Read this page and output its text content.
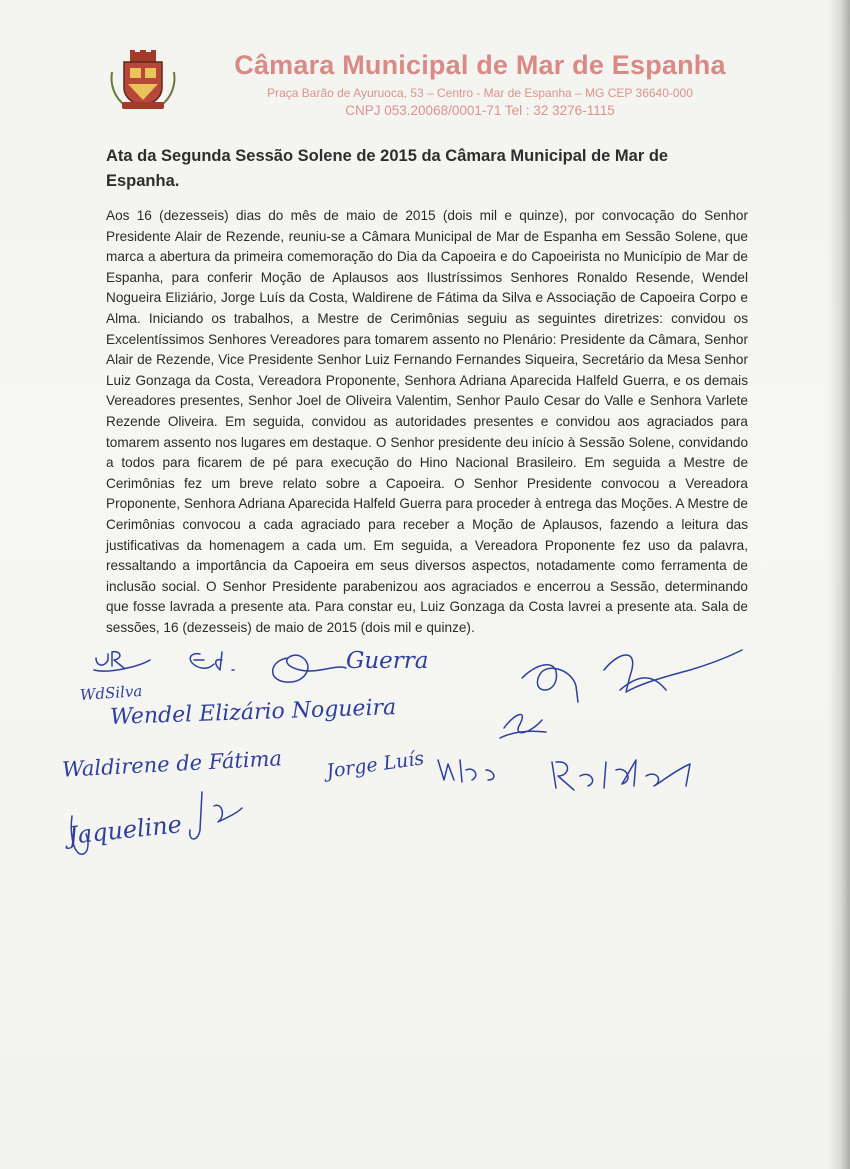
Câmara Municipal de Mar de Espanha
Praça Barão de Ayuruoca, 53 – Centro - Mar de Espanha – MG CEP 36640-000
CNPJ 053.20068/0001-71 Tel : 32 3276-1115
Ata da Segunda Sessão Solene de 2015 da Câmara Municipal de Mar de Espanha.

Aos 16 (dezesseis) dias do mês de maio de 2015 (dois mil e quinze), por convocação do Senhor Presidente Alair de Rezende, reuniu-se a Câmara Municipal de Mar de Espanha em Sessão Solene, que marca a abertura da primeira comemoração do Dia da Capoeira e do Capoeirista no Município de Mar de Espanha, para conferir Moção de Aplausos aos Ilustríssimos Senhores Ronaldo Resende, Wendel Nogueira Eliziário, Jorge Luís da Costa, Waldirene de Fátima da Silva e Associação de Capoeira Corpo e Alma. Iniciando os trabalhos, a Mestre de Cerimônias seguiu as seguintes diretrizes: convidou os Excelentíssimos Senhores Vereadores para tomarem assento no Plenário: Presidente da Câmara, Senhor Alair de Rezende, Vice Presidente Senhor Luiz Fernando Fernandes Siqueira, Secretário da Mesa Senhor Luiz Gonzaga da Costa, Vereadora Proponente, Senhora Adriana Aparecida Halfeld Guerra, e os demais Vereadores presentes, Senhor Joel de Oliveira Valentim, Senhor Paulo Cesar do Valle e Senhora Varlete Rezende Oliveira. Em seguida, convidou as autoridades presentes e convidou aos agraciados para tomarem assento nos lugares em destaque. O Senhor presidente deu início à Sessão Solene, convidando a todos para ficarem de pé para execução do Hino Nacional Brasileiro. Em seguida a Mestre de Cerimônias fez um breve relato sobre a Capoeira. O Senhor Presidente convocou a Vereadora Proponente, Senhora Adriana Aparecida Halfeld Guerra para proceder à entrega das Moções. A Mestre de Cerimônias convocou a cada agraciado para receber a Moção de Aplausos, fazendo a leitura das justificativas da homenagem a cada um. Em seguida, a Vereadora Proponente fez uso da palavra, ressaltando a importância da Capoeira em seus diversos aspectos, notadamente como ferramenta de inclusão social. O Senhor Presidente parabenizou aos agraciados e encerrou a Sessão, determinando que fosse lavrada a presente ata. Para constar eu, Luiz Gonzaga da Costa lavrei a presente ata. Sala de sessões, 16 (dezesseis) de maio de 2015 (dois mil e quinze).

Guerra
WdSilva
Wendel Elizário Nogueira
Jorge Luís
Waldirene de Fátima
Jaqueline
